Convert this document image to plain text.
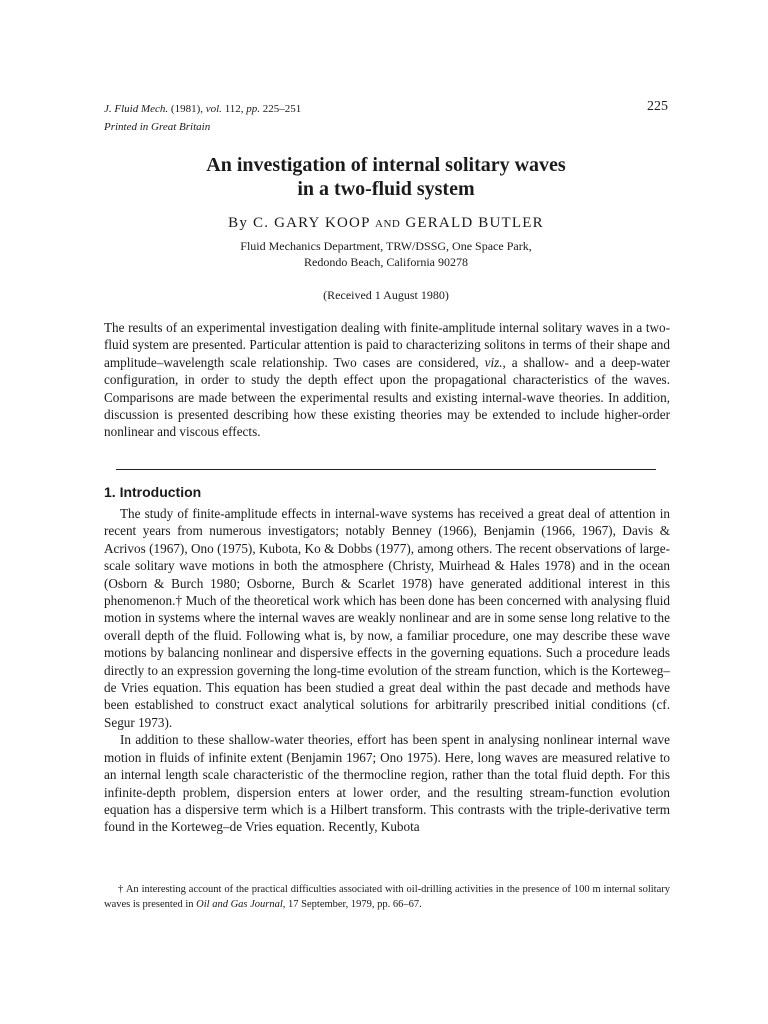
J. Fluid Mech. (1981), vol. 112, pp. 225–251
Printed in Great Britain
225
An investigation of internal solitary waves
in a two-fluid system
By C. GARY KOOP AND GERALD BUTLER
Fluid Mechanics Department, TRW/DSSG, One Space Park,
Redondo Beach, California 90278
(Received 1 August 1980)
The results of an experimental investigation dealing with finite-amplitude internal solitary waves in a two-fluid system are presented. Particular attention is paid to characterizing solitons in terms of their shape and amplitude–wavelength scale relationship. Two cases are considered, viz., a shallow- and a deep-water configuration, in order to study the depth effect upon the propagational characteristics of the waves. Comparisons are made between the experimental results and existing internal-wave theories. In addition, discussion is presented describing how these existing theories may be extended to include higher-order nonlinear and viscous effects.
1. Introduction

The study of finite-amplitude effects in internal-wave systems has received a great deal of attention in recent years from numerous investigators; notably Benney (1966), Benjamin (1966, 1967), Davis & Acrivos (1967), Ono (1975), Kubota, Ko & Dobbs (1977), among others. The recent observations of large-scale solitary wave motions in both the atmosphere (Christy, Muirhead & Hales 1978) and in the ocean (Osborn & Burch 1980; Osborne, Burch & Scarlet 1978) have generated additional interest in this phenomenon.† Much of the theoretical work which has been done has been concerned with analysing fluid motion in systems where the internal waves are weakly nonlinear and are in some sense long relative to the overall depth of the fluid. Following what is, by now, a familiar procedure, one may describe these wave motions by balancing nonlinear and dispersive effects in the governing equations. Such a procedure leads directly to an expression governing the long-time evolution of the stream function, which is the Korteweg–de Vries equation. This equation has been studied a great deal within the past decade and methods have been established to construct exact analytical solutions for arbitrarily prescribed initial conditions (cf. Segur 1973).

In addition to these shallow-water theories, effort has been spent in analysing nonlinear internal wave motion in fluids of infinite extent (Benjamin 1967; Ono 1975). Here, long waves are measured relative to an internal length scale characteristic of the thermocline region, rather than the total fluid depth. For this infinite-depth problem, dispersion enters at lower order, and the resulting stream-function evolution equation has a dispersive term which is a Hilbert transform. This contrasts with the triple-derivative term found in the Korteweg–de Vries equation. Recently, Kubota

† An interesting account of the practical difficulties associated with oil-drilling activities in the presence of 100 m internal solitary waves is presented in Oil and Gas Journal, 17 September, 1979, pp. 66–67.
